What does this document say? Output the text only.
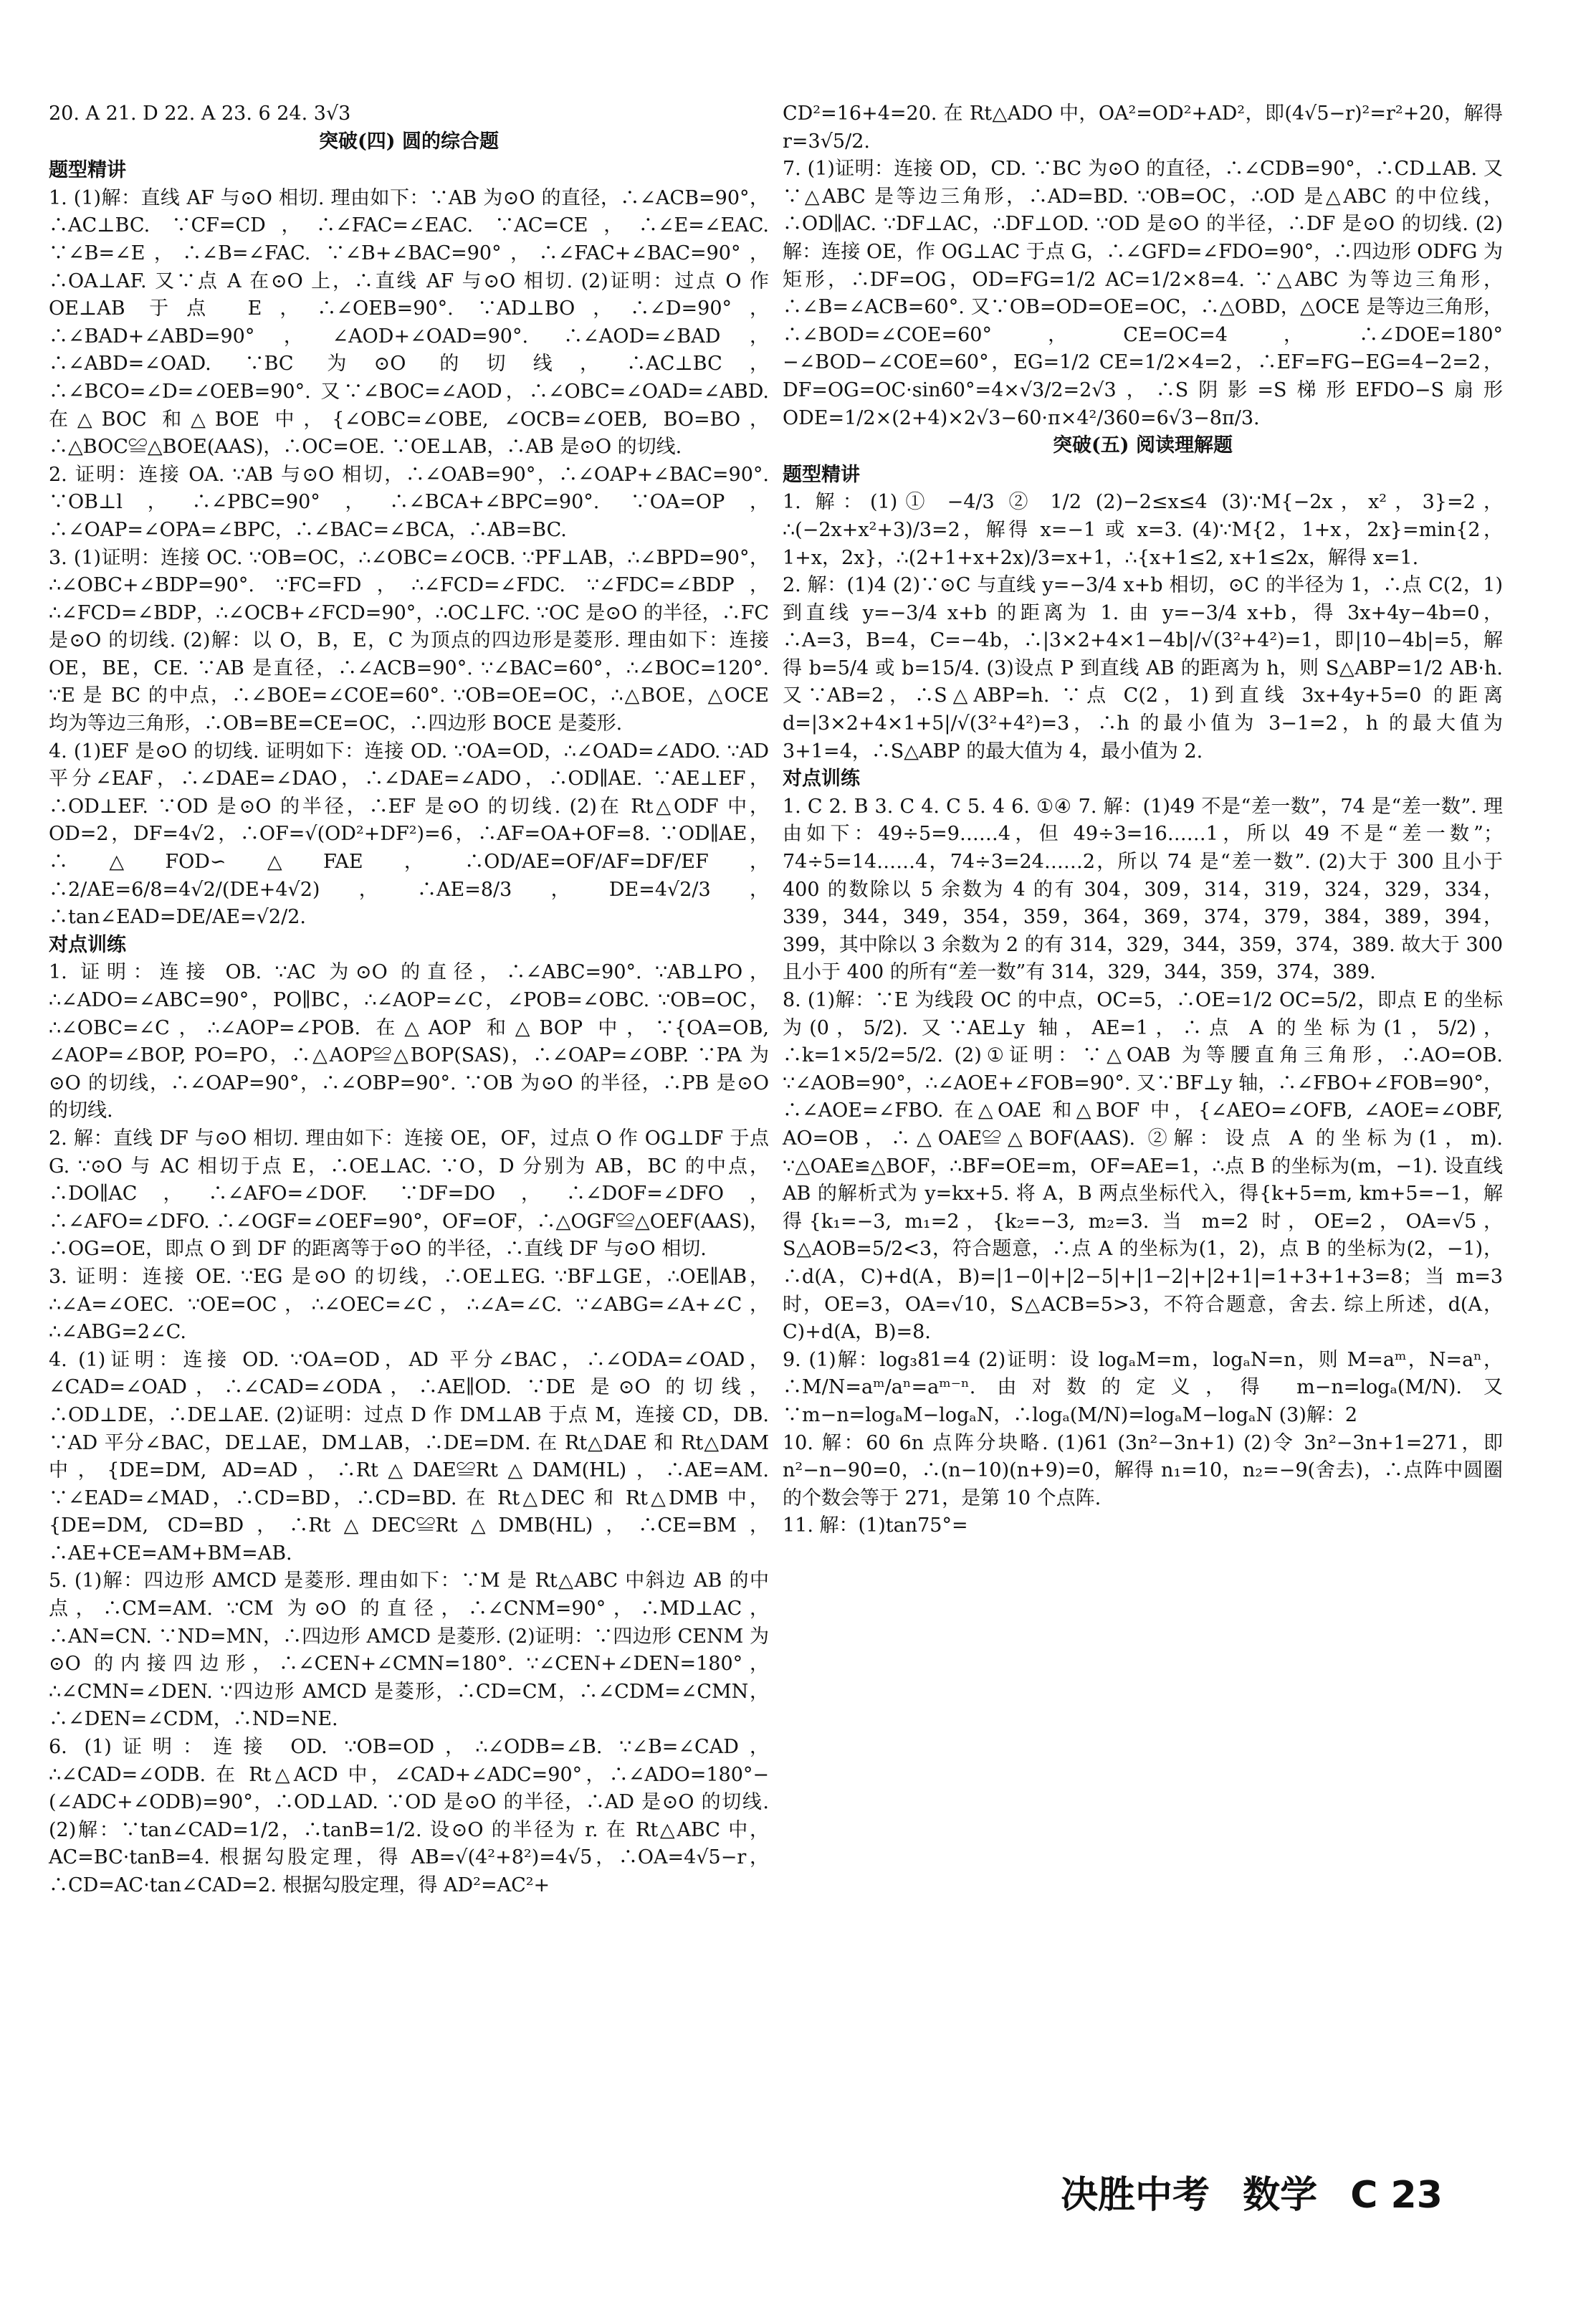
20. A 21. D 22. A 23. 6 24. 3√3

突破(四) 圆的综合题

题型精讲

1. (1)解：直线 AF 与⊙O 相切. 理由如下：∵AB 为⊙O 的直径，∴∠ACB=90°，∴AC⊥BC. ∵CF=CD，∴∠FAC=∠EAC. ∵AC=CE，∴∠E=∠EAC. ∵∠B=∠E，∴∠B=∠FAC. ∵∠B+∠BAC=90°，∴∠FAC+∠BAC=90°，∴OA⊥AF. 又∵点 A 在⊙O 上，∴直线 AF 与⊙O 相切. (2)证明：过点 O 作 OE⊥AB 于点 E，∴∠OEB=90°. ∵AD⊥BO，∴∠D=90°，∴∠BAD+∠ABD=90°，∠AOD+∠OAD=90°. ∴∠AOD=∠BAD，∴∠ABD=∠OAD. ∵BC 为⊙O 的切线，∴AC⊥BC，∴∠BCO=∠D=∠OEB=90°. 又∵∠BOC=∠AOD，∴∠OBC=∠OAD=∠ABD. 在△BOC 和△BOE 中，{∠OBC=∠OBE, ∠OCB=∠OEB, BO=BO，∴△BOC≌△BOE(AAS)，∴OC=OE. ∵OE⊥AB，∴AB 是⊙O 的切线.

2. 证明：连接 OA. ∵AB 与⊙O 相切，∴∠OAB=90°，∴∠OAP+∠BAC=90°. ∵OB⊥l，∴∠PBC=90°，∴∠BCA+∠BPC=90°. ∵OA=OP，∴∠OAP=∠OPA=∠BPC，∴∠BAC=∠BCA，∴AB=BC.

3. (1)证明：连接 OC. ∵OB=OC，∴∠OBC=∠OCB. ∵PF⊥AB，∴∠BPD=90°，∴∠OBC+∠BDP=90°. ∵FC=FD，∴∠FCD=∠FDC. ∵∠FDC=∠BDP，∴∠FCD=∠BDP，∴∠OCB+∠FCD=90°，∴OC⊥FC. ∵OC 是⊙O 的半径，∴FC 是⊙O 的切线. (2)解：以 O，B，E，C 为顶点的四边形是菱形. 理由如下：连接 OE，BE，CE. ∵AB 是直径，∴∠ACB=90°. ∵∠BAC=60°，∴∠BOC=120°. ∵E 是 BC 的中点，∴∠BOE=∠COE=60°. ∵OB=OE=OC，∴△BOE，△OCE 均为等边三角形，∴OB=BE=CE=OC，∴四边形 BOCE 是菱形.

4. (1)EF 是⊙O 的切线. 证明如下：连接 OD. ∵OA=OD，∴∠OAD=∠ADO. ∵AD 平分∠EAF，∴∠DAE=∠DAO，∴∠DAE=∠ADO，∴OD∥AE. ∵AE⊥EF，∴OD⊥EF. ∵OD 是⊙O 的半径，∴EF 是⊙O 的切线. (2)在 Rt△ODF 中，OD=2，DF=4√2，∴OF=√(OD²+DF²)=6，∴AF=OA+OF=8. ∵OD∥AE，∴△FOD∽△FAE，∴OD/AE=OF/AF=DF/EF，∴2/AE=6/8=4√2/(DE+4√2)，∴AE=8/3，DE=4√2/3，∴tan∠EAD=DE/AE=√2/2.

对点训练

1. 证明：连接 OB. ∵AC 为⊙O 的直径，∴∠ABC=90°. ∵AB⊥PO，∴∠ADO=∠ABC=90°，PO∥BC，∴∠AOP=∠C，∠POB=∠OBC. ∵OB=OC，∴∠OBC=∠C，∴∠AOP=∠POB. 在△AOP 和△BOP 中，∵{OA=OB, ∠AOP=∠BOP, PO=PO，∴△AOP≌△BOP(SAS)，∴∠OAP=∠OBP. ∵PA 为⊙O 的切线，∴∠OAP=90°，∴∠OBP=90°. ∵OB 为⊙O 的半径，∴PB 是⊙O 的切线.

2. 解：直线 DF 与⊙O 相切. 理由如下：连接 OE，OF，过点 O 作 OG⊥DF 于点 G. ∵⊙O 与 AC 相切于点 E，∴OE⊥AC. ∵O，D 分别为 AB，BC 的中点，∴DO∥AC，∴∠AFO=∠DOF. ∵DF=DO，∴∠DOF=∠DFO，∴∠AFO=∠DFO. ∴∠OGF=∠OEF=90°，OF=OF，∴△OGF≌△OEF(AAS)，∴OG=OE，即点 O 到 DF 的距离等于⊙O 的半径，∴直线 DF 与⊙O 相切.

3. 证明：连接 OE. ∵EG 是⊙O 的切线，∴OE⊥EG. ∵BF⊥GE，∴OE∥AB，∴∠A=∠OEC. ∵OE=OC，∴∠OEC=∠C，∴∠A=∠C. ∵∠ABG=∠A+∠C，∴∠ABG=2∠C.

4. (1)证明：连接 OD. ∵OA=OD，AD 平分∠BAC，∴∠ODA=∠OAD，∠CAD=∠OAD，∴∠CAD=∠ODA，∴AE∥OD. ∵DE 是⊙O 的切线，∴OD⊥DE，∴DE⊥AE. (2)证明：过点 D 作 DM⊥AB 于点 M，连接 CD，DB. ∵AD 平分∠BAC，DE⊥AE，DM⊥AB，∴DE=DM. 在 Rt△DAE 和 Rt△DAM 中，{DE=DM, AD=AD，∴Rt△DAE≌Rt△DAM(HL)，∴AE=AM. ∵∠EAD=∠MAD，∴CD=BD，∴CD=BD. 在 Rt△DEC 和 Rt△DMB 中，{DE=DM, CD=BD，∴Rt△DEC≌Rt△DMB(HL)，∴CE=BM，∴AE+CE=AM+BM=AB.

5. (1)解：四边形 AMCD 是菱形. 理由如下：∵M 是 Rt△ABC 中斜边 AB 的中点，∴CM=AM. ∵CM 为⊙O 的直径，∴∠CNM=90°，∴MD⊥AC，∴AN=CN. ∵ND=MN，∴四边形 AMCD 是菱形. (2)证明：∵四边形 CENM 为⊙O 的内接四边形，∴∠CEN+∠CMN=180°. ∵∠CEN+∠DEN=180°，∴∠CMN=∠DEN. ∵四边形 AMCD 是菱形，∴CD=CM，∴∠CDM=∠CMN，∴∠DEN=∠CDM，∴ND=NE.

6. (1)证明：连接 OD. ∵OB=OD，∴∠ODB=∠B. ∵∠B=∠CAD，∴∠CAD=∠ODB. 在 Rt△ACD 中，∠CAD+∠ADC=90°，∴∠ADO=180°−(∠ADC+∠ODB)=90°，∴OD⊥AD. ∵OD 是⊙O 的半径，∴AD 是⊙O 的切线. (2)解：∵tan∠CAD=1/2，∴tanB=1/2. 设⊙O 的半径为 r. 在 Rt△ABC 中，AC=BC·tanB=4. 根据勾股定理，得 AB=√(4²+8²)=4√5，∴OA=4√5−r，∴CD=AC·tan∠CAD=2. 根据勾股定理，得 AD²=AC²+

CD²=16+4=20. 在 Rt△ADO 中，OA²=OD²+AD²，即(4√5−r)²=r²+20，解得 r=3√5/2.

7. (1)证明：连接 OD，CD. ∵BC 为⊙O 的直径，∴∠CDB=90°，∴CD⊥AB. 又∵△ABC 是等边三角形，∴AD=BD. ∵OB=OC，∴OD 是△ABC 的中位线，∴OD∥AC. ∵DF⊥AC，∴DF⊥OD. ∵OD 是⊙O 的半径，∴DF 是⊙O 的切线. (2)解：连接 OE，作 OG⊥AC 于点 G，∴∠GFD=∠FDO=90°，∴四边形 ODFG 为矩形，∴DF=OG，OD=FG=1/2 AC=1/2×8=4. ∵△ABC 为等边三角形，∴∠B=∠ACB=60°. 又∵OB=OD=OE=OC，∴△OBD，△OCE 是等边三角形，∴∠BOD=∠COE=60°，CE=OC=4，∴∠DOE=180°−∠BOD−∠COE=60°，EG=1/2 CE=1/2×4=2，∴EF=FG−EG=4−2=2，DF=OG=OC·sin60°=4×√3/2=2√3，∴S阴影=S梯形EFDO−S扇形ODE=1/2×(2+4)×2√3−60·π×4²/360=6√3−8π/3.

突破(五) 阅读理解题

题型精讲

1. 解：(1)① −4/3 ② 1/2 (2)−2≤x≤4 (3)∵M{−2x，x²，3}=2，∴(−2x+x²+3)/3=2，解得 x=−1 或 x=3. (4)∵M{2，1+x，2x}=min{2，1+x，2x}，∴(2+1+x+2x)/3=x+1，∴{x+1≤2, x+1≤2x，解得 x=1.

2. 解：(1)4 (2)∵⊙C 与直线 y=−3/4 x+b 相切，⊙C 的半径为 1，∴点 C(2，1)到直线 y=−3/4 x+b 的距离为 1. 由 y=−3/4 x+b，得 3x+4y−4b=0，∴A=3，B=4，C=−4b，∴|3×2+4×1−4b|/√(3²+4²)=1，即|10−4b|=5，解得 b=5/4 或 b=15/4. (3)设点 P 到直线 AB 的距离为 h，则 S△ABP=1/2 AB·h. 又∵AB=2，∴S△ABP=h. ∵点 C(2，1)到直线 3x+4y+5=0 的距离 d=|3×2+4×1+5|/√(3²+4²)=3，∴h 的最小值为 3−1=2，h 的最大值为 3+1=4，∴S△ABP 的最大值为 4，最小值为 2.

对点训练

1. C 2. B 3. C 4. C 5. 4 6. ①④ 7. 解：(1)49 不是“差一数”，74 是“差一数”. 理由如下：49÷5=9……4，但 49÷3=16……1，所以 49 不是“差一数”；74÷5=14……4，74÷3=24……2，所以 74 是“差一数”. (2)大于 300 且小于 400 的数除以 5 余数为 4 的有 304，309，314，319，324，329，334，339，344，349，354，359，364，369，374，379，384，389，394，399，其中除以 3 余数为 2 的有 314，329，344，359，374，389. 故大于 300 且小于 400 的所有“差一数”有 314，329，344，359，374，389.

8. (1)解：∵E 为线段 OC 的中点，OC=5，∴OE=1/2 OC=5/2，即点 E 的坐标为(0，5/2). 又∵AE⊥y 轴，AE=1，∴点 A 的坐标为(1，5/2)，∴k=1×5/2=5/2. (2)①证明：∵△OAB 为等腰直角三角形，∴AO=OB. ∵∠AOB=90°，∴∠AOE+∠FOB=90°. 又∵BF⊥y 轴，∴∠FBO+∠FOB=90°，∴∠AOE=∠FBO. 在△OAE 和△BOF 中，{∠AEO=∠OFB, ∠AOE=∠OBF, AO=OB，∴△OAE≌△BOF(AAS). ②解：设点 A 的坐标为(1，m). ∵△OAE≌△BOF，∴BF=OE=m，OF=AE=1，∴点 B 的坐标为(m，−1). 设直线 AB 的解析式为 y=kx+5. 将 A，B 两点坐标代入，得{k+5=m, km+5=−1，解得{k₁=−3, m₁=2，{k₂=−3, m₂=3. 当 m=2 时，OE=2，OA=√5，S△AOB=5/2<3，符合题意，∴点 A 的坐标为(1，2)，点 B 的坐标为(2，−1)，∴d(A，C)+d(A，B)=|1−0|+|2−5|+|1−2|+|2+1|=1+3+1+3=8；当 m=3 时，OE=3，OA=√10，S△ACB=5>3，不符合题意，舍去. 综上所述，d(A，C)+d(A，B)=8.

9. (1)解：log₃81=4 (2)证明：设 logₐM=m，logₐN=n，则 M=aᵐ，N=aⁿ，∴M/N=aᵐ/aⁿ=aᵐ⁻ⁿ. 由对数的定义，得 m−n=logₐ(M/N). 又∵m−n=logₐM−logₐN，∴logₐ(M/N)=logₐM−logₐN (3)解：2

10. 解：60 6n 点阵分块略. (1)61 (3n²−3n+1) (2)令 3n²−3n+1=271，即 n²−n−90=0，∴(n−10)(n+9)=0，解得 n₁=10，n₂=−9(舍去)，∴点阵中圆圈的个数会等于 271，是第 10 个点阵.

11. 解：(1)tan75°=

决胜中考 数学 C 23
